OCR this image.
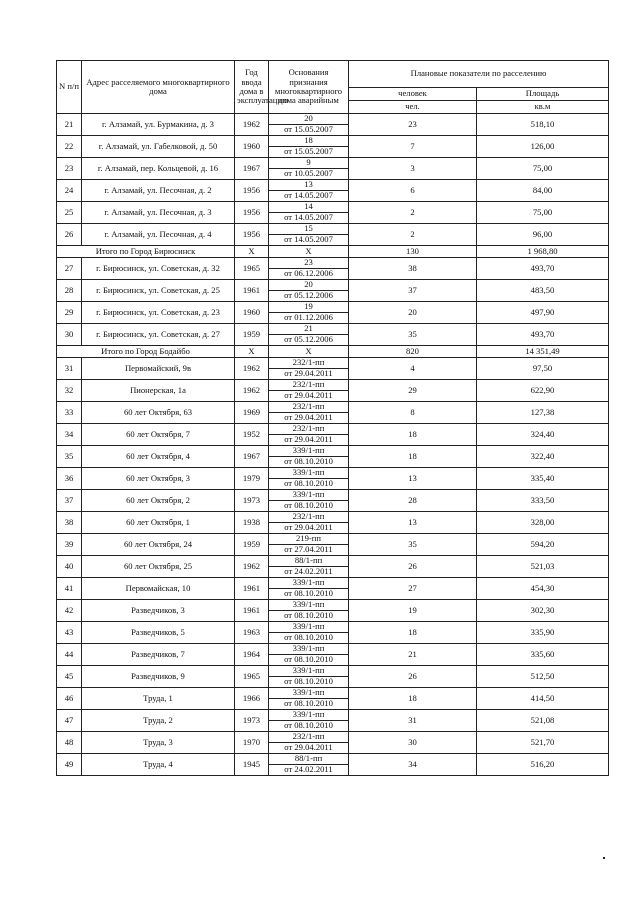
N п/п	Адрес расселяемого многоквартирного дома	Год ввода дома в эксплуатацию	Основания признания многоквартирного дома аварийным	Плановые показатели по расселению	
				человек	Площадь
				чел.	кв.м
21	г. Алзамай, ул. Бурмакина, д. 3	1962	20	23	518,10
			от 15.05.2007		
22	г. Алзамай, ул. Габелковой, д. 50	1960	18	7	126,00
			от 15.05.2007		
23	г. Алзамай, пер. Кольцевой, д. 16	1967	9	3	75,00
			от 10.05.2007		
24	г. Алзамай, ул. Песочная, д. 2	1956	13	6	84,00
			от 14.05.2007		
25	г. Алзамай, ул. Песочная, д. 3	1956	14	2	75,00
			от 14.05.2007		
26	г. Алзамай, ул. Песочная, д. 4	1956	15	2	96,00
			от 14.05.2007		
Итого по Город Бирюсинск		X	X	130	1 968,80
27	г. Бирюсинск, ул. Советская, д. 32	1965	23	38	493,70
			от 06.12.2006		
28	г. Бирюсинск, ул. Советская, д. 25	1961	20	37	483,50
			от 05.12.2006		
29	г. Бирюсинск, ул. Советская, д. 23	1960	19	20	497,90
			от 01.12.2006		
30	г. Бирюсинск, ул. Советская, д. 27	1959	21	35	493,70
			от 05.12.2006		
Итого по Город Бодайбо		X	X	820	14 351,49
31	Первомайский, 9в	1962	232/1-пп	4	97,50
			от 29.04.2011		
32	Пионерская, 1а	1962	232/1-пп	29	622,90
			от 29.04.2011		
33	60 лет Октября, 63	1969	232/1-пп	8	127,38
			от 29.04.2011		
34	60 лет Октября, 7	1952	232/1-пп	18	324,40
			от 29.04.2011		
35	60 лет Октября, 4	1967	339/1-пп	18	322,40
			от 08.10.2010		
36	60 лет Октября, 3	1979	339/1-пп	13	335,40
			от 08.10.2010		
37	60 лет Октября, 2	1973	339/1-пп	28	333,50
			от 08.10.2010		
38	60 лет Октября, 1	1938	232/1-пп	13	328,00
			от 29.04.2011		
39	60 лет Октября, 24	1959	219-пп	35	594,20
			от 27.04.2011		
40	60 лет Октября, 25	1962	88/1-пп	26	521,03
			от 24.02.2011		
41	Первомайская, 10	1961	339/1-пп	27	454,30
			от 08.10.2010		
42	Разведчиков, 3	1961	339/1-пп	19	302,30
			от 08.10.2010		
43	Разведчиков, 5	1963	339/1-пп	18	335,90
			от 08.10.2010		
44	Разведчиков, 7	1964	339/1-пп	21	335,60
			от 08.10.2010		
45	Разведчиков, 9	1965	339/1-пп	26	512,50
			от 08.10.2010		
46	Труда, 1	1966	339/1-пп	18	414,50
			от 08.10.2010		
47	Труда, 2	1973	339/1-пп	31	521,08
			от 08.10.2010		
48	Труда, 3	1970	232/1-пп	30	521,70
			от 29.04.2011		
49	Труда, 4	1945	88/1-пп	34	516,20
			от 24.02.2011		
